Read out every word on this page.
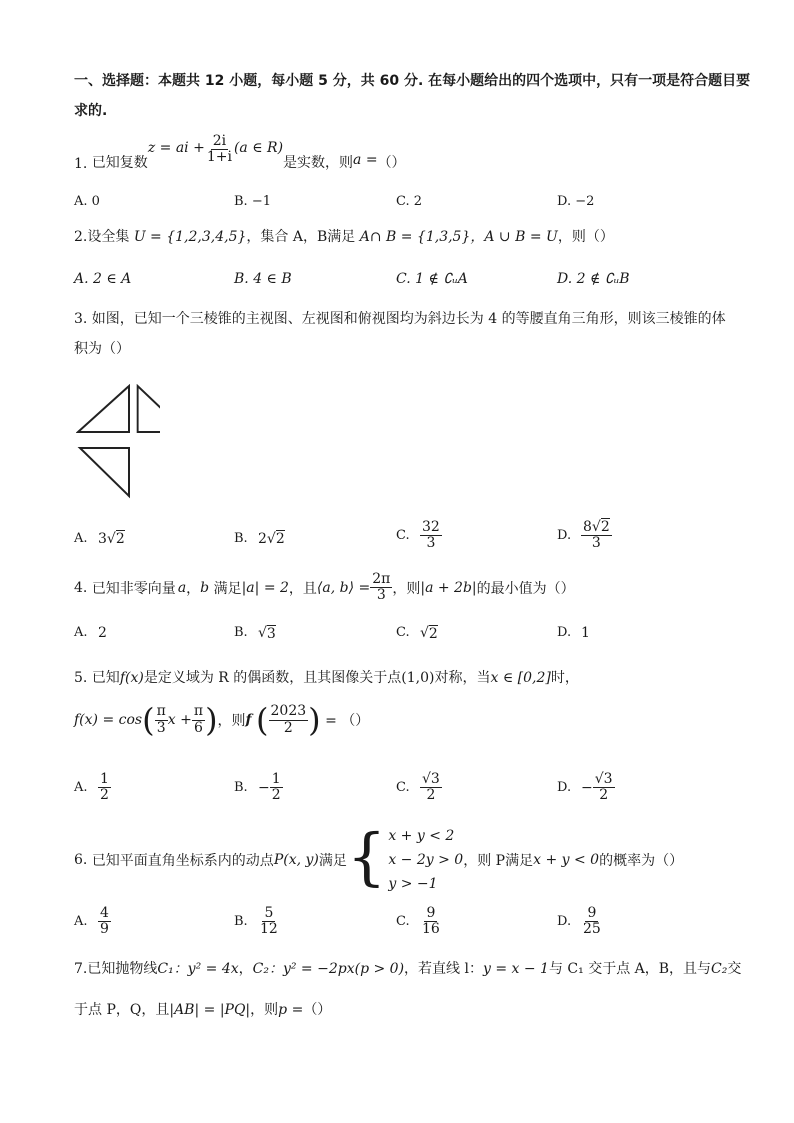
一、选择题：本题共 12 小题，每小题 5 分，共 60 分. 在每小题给出的四个选项中，只有一项是符合题目要
求的.
1.
已知复数
z = ai + $\frac{2i}{1+i} (a$ ∈ R)
是实数，则 a = （）
A. 0	B. −1	C. 2	D. −2
2.设全集 U = {1,2,3,4,5}，集合 A，B满足 A∩ B = {1,3,5}，A ∪ B = U，则（）
A. 2 ∈ A	B. 4 ∈ B	C. 1 ∉ ∁ᵤA	D. 2 ∉ ∁ᵤB
3. 如图，已知一个三棱锥的主视图、左视图和俯视图均为斜边长为 4 的等腰直角三角形，则该三棱锥的体
积为（）
A. 3 √ 2	B. 2 √ 2	C. $\frac{32}{3}$	D. $\frac{8√2}{3}$
4.
已知非零向量 a ， b
满足 |a| = 2 ，且 ⟨a, b⟩ = $\frac{2\pi}{3}$ ，则 |a + 2b| 的最小值为（）
A. 2	B. √ 3	C. √ 2	D. 1
5. 已知f(x)是定义域为 R 的偶函数，且其图像关于点(1,0)对称，当x ∈ [0,2]时，
f(x) = cos ( $\frac{\pi}{3}$ $x + \frac{\pi}{6}$ ) ，则 f
( $\frac{2023}{2}$ )
= （）
A. $\frac{1}{2}$	B. − $\frac{1}{2}$	C. $\frac{√3}{2}$	D. − $\frac{√3}{2}$
6.
已知平面直角坐标系内的动点 P(x, y) 满足 { x + y < 2
x − 2y > 0
y > −1
，则 P满足 x + y < 0 的概率为（）
A. $\frac{4}{9}$	B. $\frac{5}{12}$	C. $\frac{9}{16}$	D. $\frac{9}{25}$
7.已知抛物线C₁：y² = 4x，C₂：y² = −2px(p > 0)，若直线 l：y = x − 1与 C₁ 交于点 A，B，且与C₂交
于点 P，Q，且|AB| = |PQ|，则p =（）
